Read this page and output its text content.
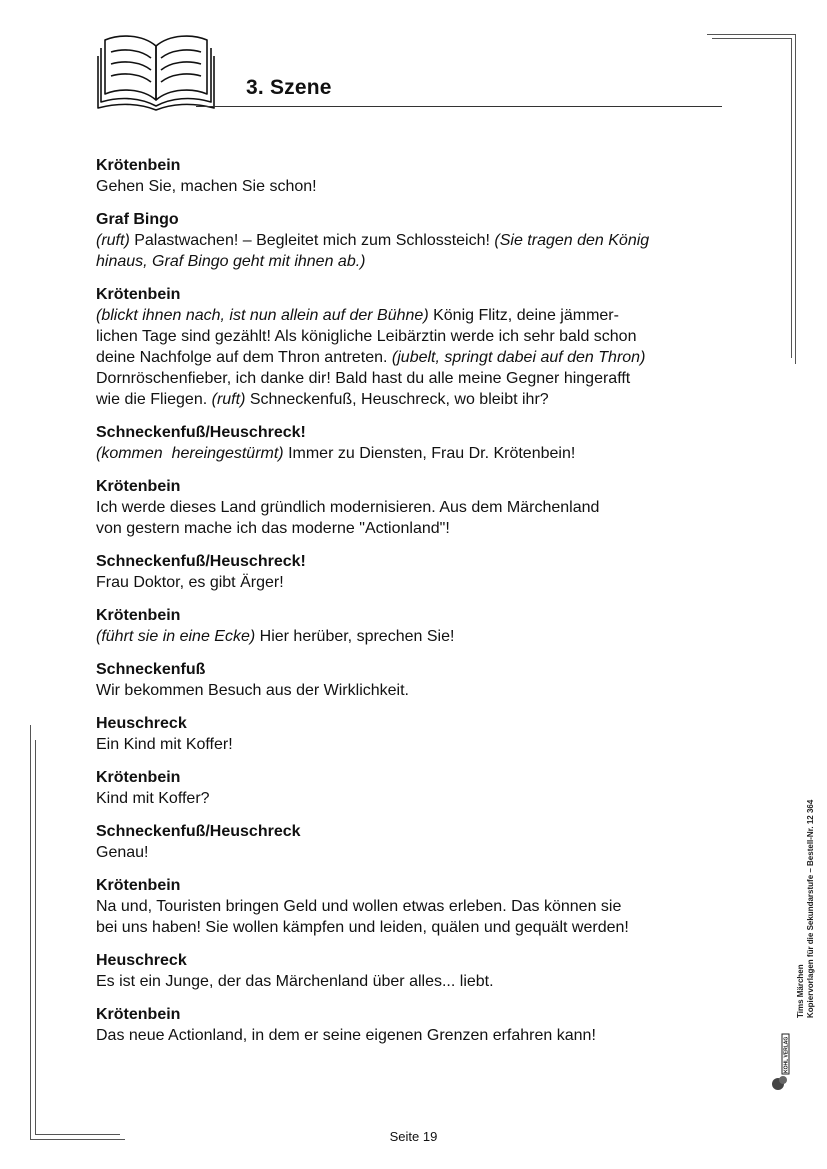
3. Szene
Krötenbein
Gehen Sie, machen Sie schon!
Graf Bingo
(ruft) Palastwachen! – Begleitet mich zum Schlossteich! (Sie tragen den König
hinaus, Graf Bingo geht mit ihnen ab.)
Krötenbein
(blickt ihnen nach, ist nun allein auf der Bühne) König Flitz, deine jämmer-
lichen Tage sind gezählt! Als königliche Leibärztin werde ich sehr bald schon
deine Nachfolge auf dem Thron antreten. (jubelt, springt dabei auf den Thron)
Dornröschenfieber, ich danke dir! Bald hast du alle meine Gegner hingerafft
wie die Fliegen. (ruft) Schneckenfuß, Heuschreck, wo bleibt ihr?
Schneckenfuß/Heuschreck!
(kommen  hereingestürmt) Immer zu Diensten, Frau Dr. Krötenbein!
Krötenbein
Ich werde dieses Land gründlich modernisieren. Aus dem Märchenland
von gestern mache ich das moderne "Actionland"!
Schneckenfuß/Heuschreck!
Frau Doktor, es gibt Ärger!
Krötenbein
(führt sie in eine Ecke) Hier herüber, sprechen Sie!
Schneckenfuß
Wir bekommen Besuch aus der Wirklichkeit.
Heuschreck
Ein Kind mit Koffer!
Krötenbein
Kind mit Koffer?
Schneckenfuß/Heuschreck
Genau!
Krötenbein
Na und, Touristen bringen Geld und wollen etwas erleben. Das können sie
bei uns haben! Sie wollen kämpfen und leiden, quälen und gequält werden!
Heuschreck
Es ist ein Junge, der das Märchenland über alles... liebt.
Krötenbein
Das neue Actionland, in dem er seine eigenen Grenzen erfahren kann!
KOHL VERLAG
Tims Märchen Kopiervorlagen für die Sekundarstufe – Bestell-Nr. 12 364
Seite 19
